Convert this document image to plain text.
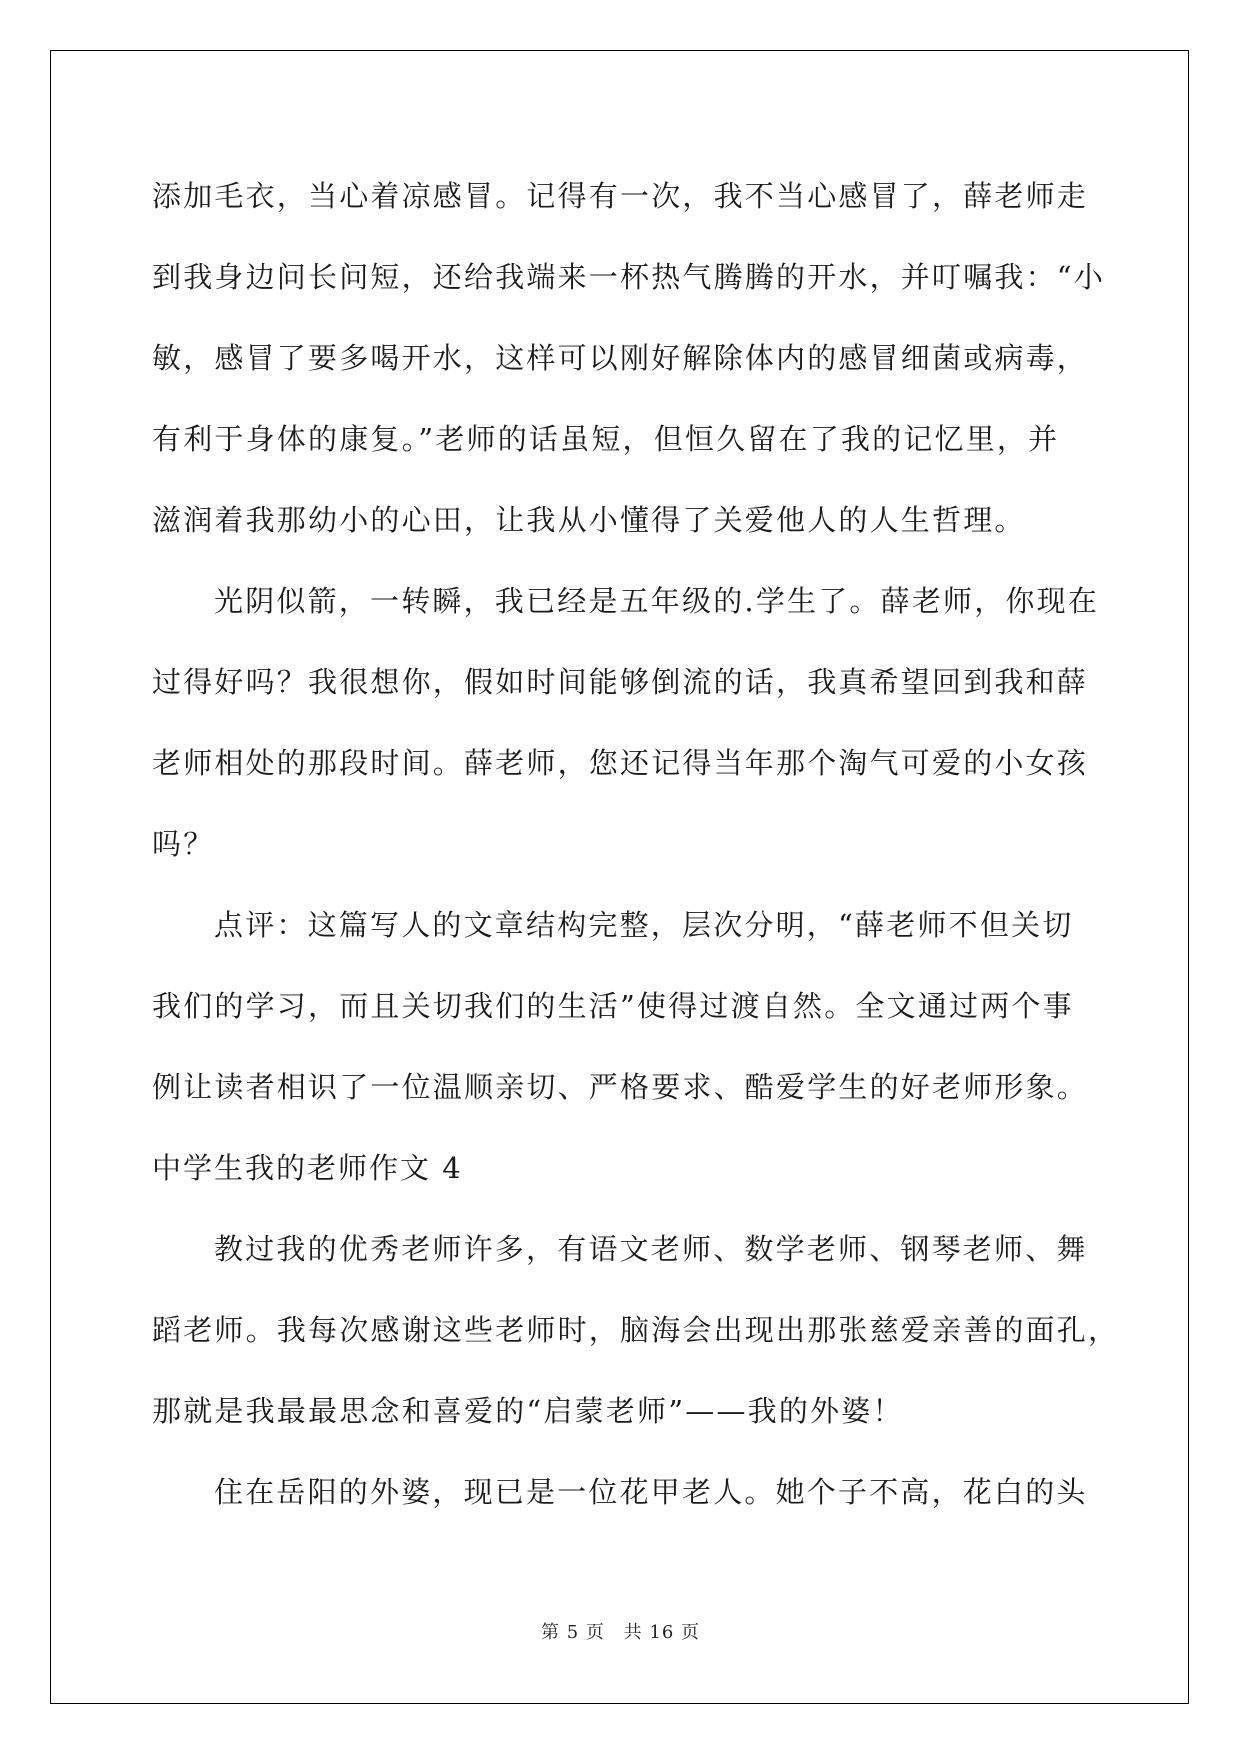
添加毛衣，当心着凉感冒。记得有一次，我不当心感冒了，薛老师走
到我身边问长问短，还给我端来一杯热气腾腾的开水，并叮嘱我：“小
敏，感冒了要多喝开水，这样可以刚好解除体内的感冒细菌或病毒，
有利于身体的康复。”老师的话虽短，但恒久留在了我的记忆里，并
滋润着我那幼小的心田，让我从小懂得了关爱他人的人生哲理。
光阴似箭，一转瞬，我已经是五年级的.学生了。薛老师，你现在
过得好吗？我很想你，假如时间能够倒流的话，我真希望回到我和薛
老师相处的那段时间。薛老师，您还记得当年那个淘气可爱的小女孩
吗？
点评：这篇写人的文章结构完整，层次分明，“薛老师不但关切
我们的学习，而且关切我们的生活”使得过渡自然。全文通过两个事
例让读者相识了一位温顺亲切、严格要求、酷爱学生的好老师形象。
中学生我的老师作文 4
教过我的优秀老师许多，有语文老师、数学老师、钢琴老师、舞
蹈老师。我每次感谢这些老师时，脑海会出现出那张慈爱亲善的面孔，
那就是我最最思念和喜爱的“启蒙老师”——我的外婆！
住在岳阳的外婆，现已是一位花甲老人。她个子不高，花白的头
第 5 页 共 16 页
